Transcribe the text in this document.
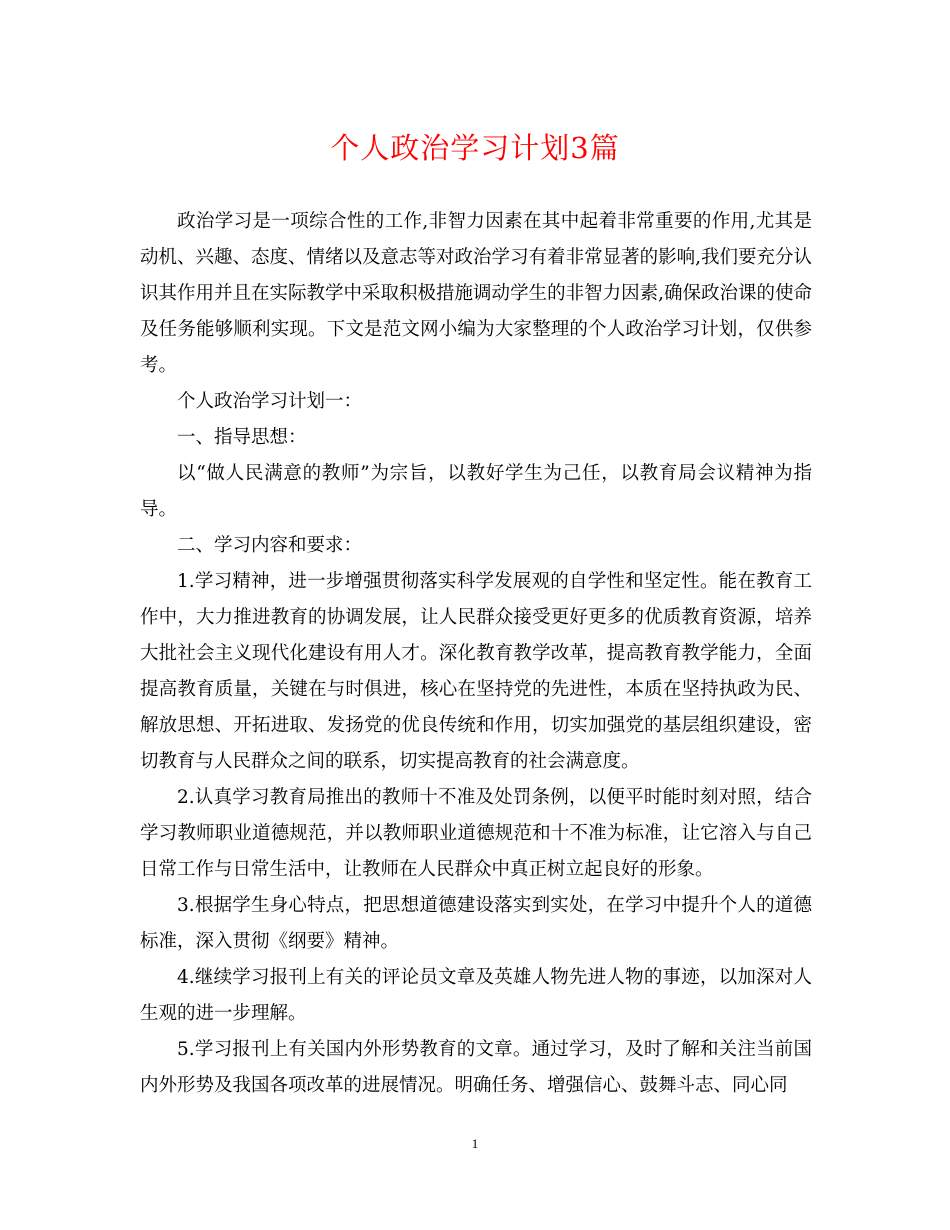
个人政治学习计划3篇

政治学习是一项综合性的工作,非智力因素在其中起着非常重要的作用,尤其是动机、兴趣、态度、情绪以及意志等对政治学习有着非常显著的影响,我们要充分认识其作用并且在实际教学中采取积极措施调动学生的非智力因素,确保政治课的使命及任务能够顺利实现。下文是范文网小编为大家整理的个人政治学习计划，仅供参考。

个人政治学习计划一：

一、指导思想：

以“做人民满意的教师”为宗旨，以教好学生为己任，以教育局会议精神为指导。

二、学习内容和要求：

1.学习精神，进一步增强贯彻落实科学发展观的自学性和坚定性。能在教育工作中，大力推进教育的协调发展，让人民群众接受更好更多的优质教育资源，培养大批社会主义现代化建设有用人才。深化教育教学改革，提高教育教学能力，全面提高教育质量，关键在与时俱进，核心在坚持党的先进性，本质在坚持执政为民、解放思想、开拓进取、发扬党的优良传统和作用，切实加强党的基层组织建设，密切教育与人民群众之间的联系，切实提高教育的社会满意度。

2.认真学习教育局推出的教师十不准及处罚条例，以便平时能时刻对照，结合学习教师职业道德规范，并以教师职业道德规范和十不准为标准，让它溶入与自己日常工作与日常生活中，让教师在人民群众中真正树立起良好的形象。

3.根据学生身心特点，把思想道德建设落实到实处，在学习中提升个人的道德标准，深入贯彻《纲要》精神。

4.继续学习报刊上有关的评论员文章及英雄人物先进人物的事迹，以加深对人生观的进一步理解。

5.学习报刊上有关国内外形势教育的文章。通过学习，及时了解和关注当前国内外形势及我国各项改革的进展情况。明确任务、增强信心、鼓舞斗志、同心同

1
